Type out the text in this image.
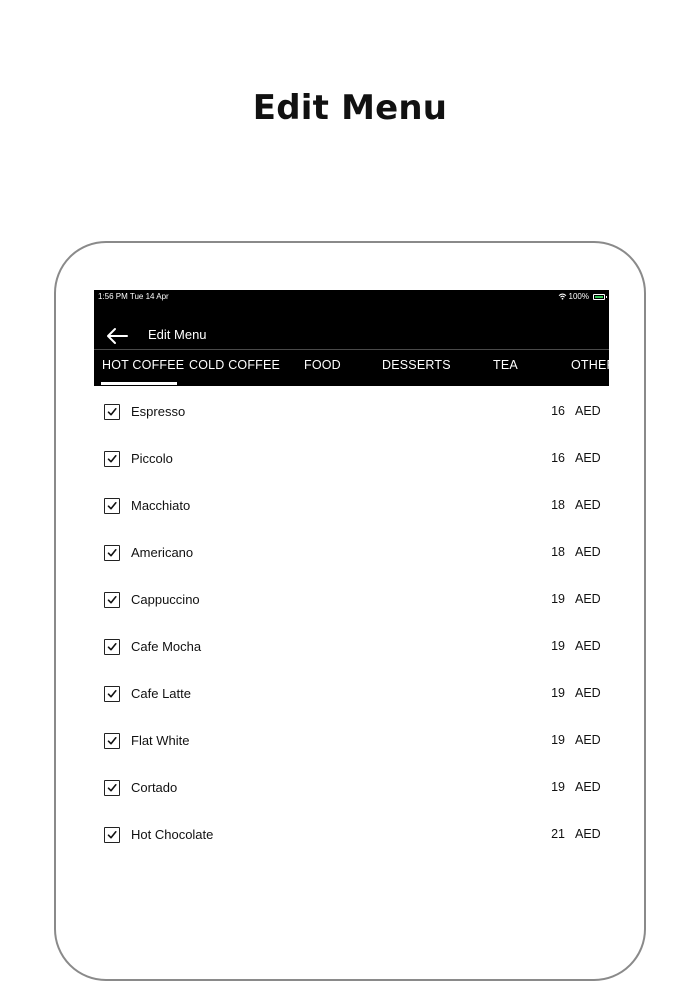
Edit Menu
1:56 PM Tue 14 Apr	100%
Edit Menu
HOT COFFEE COLD COFFEE FOOD	DESSERTS	TEA	OTHER
Espresso	16 AED
Piccolo	16 AED
Macchiato	18 AED
Americano	18 AED
Cappuccino	19 AED
Cafe Mocha	19 AED
Cafe Latte	19 AED
Flat White	19 AED
Cortado	19 AED
Hot Chocolate	21 AED
